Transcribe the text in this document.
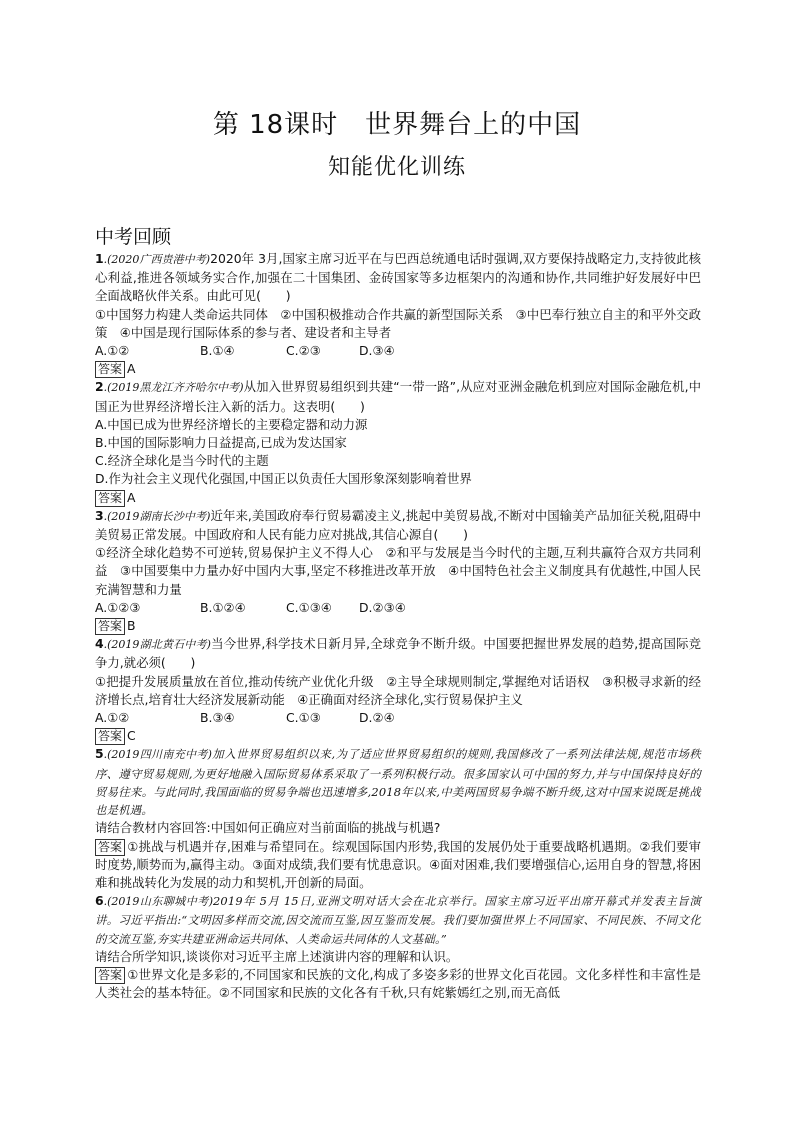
第 18课时　世界舞台上的中国
知能优化训练
中考回顾

1.(2020广西贵港中考)2020年 3月,国家主席习近平在与巴西总统通电话时强调,双方要保持战略定力,支持彼此核心利益,推进各领域务实合作,加强在二十国集团、金砖国家等多边框架内的沟通和协作,共同维护好发展好中巴全面战略伙伴关系。由此可见(　　)

①中国努力构建人类命运共同体　②中国积极推动合作共赢的新型国际关系　③中巴奉行独立自主的和平外交政策　④中国是现行国际体系的参与者、建设者和主导者

A.①②	B.①④	C.②③	D.③④

答案 A

2.(2019黑龙江齐齐哈尔中考)从加入世界贸易组织到共建“一带一路”,从应对亚洲金融危机到应对国际金融危机,中国正为世界经济增长注入新的活力。这表明(　　)

A.中国已成为世界经济增长的主要稳定器和动力源

B.中国的国际影响力日益提高,已成为发达国家

C.经济全球化是当今时代的主题

D.作为社会主义现代化强国,中国正以负责任大国形象深刻影响着世界

答案 A

3.(2019湖南长沙中考)近年来,美国政府奉行贸易霸凌主义,挑起中美贸易战,不断对中国输美产品加征关税,阻碍中美贸易正常发展。中国政府和人民有能力应对挑战,其信心源自(　　)

①经济全球化趋势不可逆转,贸易保护主义不得人心　②和平与发展是当今时代的主题,互利共赢符合双方共同利益　③中国要集中力量办好中国内大事,坚定不移推进改革开放　④中国特色社会主义制度具有优越性,中国人民充满智慧和力量

A.①②③	B.①②④	C.①③④	D.②③④

答案 B

4.(2019湖北黄石中考)当今世界,科学技术日新月异,全球竞争不断升级。中国要把握世界发展的趋势,提高国际竞争力,就必须(　　)

①把提升发展质量放在首位,推动传统产业优化升级　②主导全球规则制定,掌握绝对话语权　③积极寻求新的经济增长点,培育壮大经济发展新动能　④正确面对经济全球化,实行贸易保护主义

A.①②	B.③④	C.①③	D.②④

答案 C

5.(2019四川南充中考)加入世界贸易组织以来,为了适应世界贸易组织的规则,我国修改了一系列法律法规,规范市场秩序、遵守贸易规则,为更好地融入国际贸易体系采取了一系列积极行动。很多国家认可中国的努力,并与中国保持良好的贸易往来。与此同时,我国面临的贸易争端也迅速增多,2018年以来,中美两国贸易争端不断升级,这对中国来说既是挑战也是机遇。

请结合教材内容回答:中国如何正确应对当前面临的挑战与机遇?

答案 ①挑战与机遇并存,困难与希望同在。综观国际国内形势,我国的发展仍处于重要战略机遇期。②我们要审时度势,顺势而为,赢得主动。③面对成绩,我们要有忧患意识。④面对困难,我们要增强信心,运用自身的智慧,将困难和挑战转化为发展的动力和契机,开创新的局面。

6.(2019山东聊城中考)2019年 5月 15日,亚洲文明对话大会在北京举行。国家主席习近平出席开幕式并发表主旨演讲。习近平指出:“文明因多样而交流,因交流而互鉴,因互鉴而发展。我们要加强世界上不同国家、不同民族、不同文化的交流互鉴,夯实共建亚洲命运共同体、人类命运共同体的人文基础。”

请结合所学知识,谈谈你对习近平主席上述演讲内容的理解和认识。

答案 ①世界文化是多彩的,不同国家和民族的文化,构成了多姿多彩的世界文化百花园。文化多样性和丰富性是人类社会的基本特征。②不同国家和民族的文化各有千秋,只有姹紫嫣红之别,而无高低
